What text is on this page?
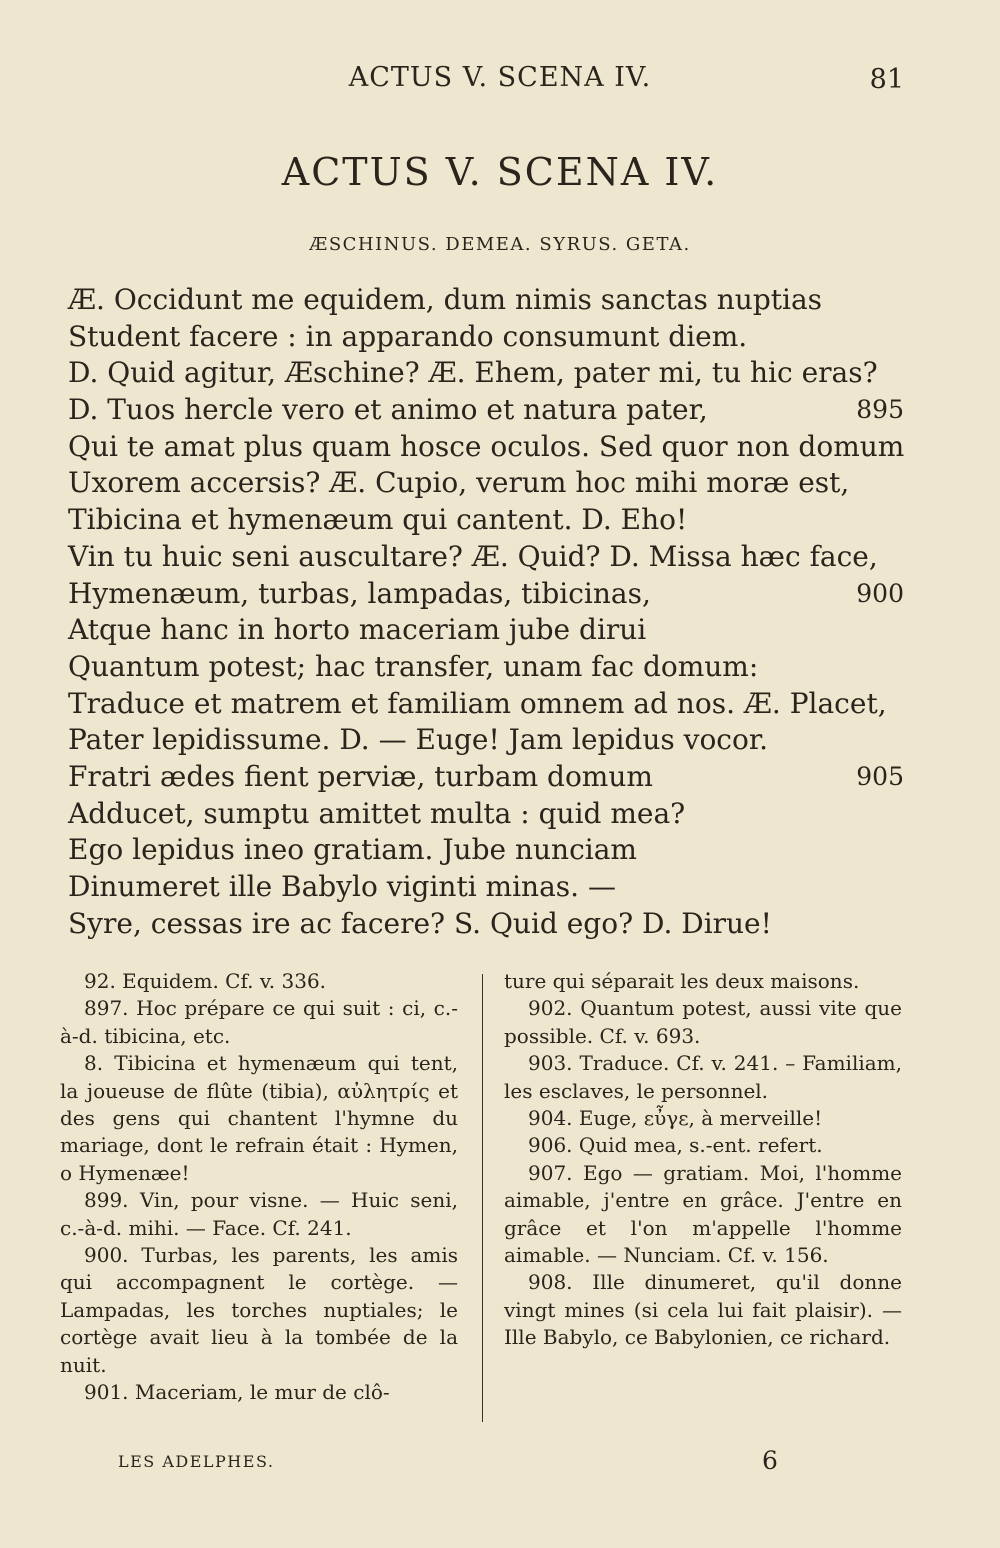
ACTUS V. SCENA IV.	81
ACTUS V. SCENA IV.
ÆSCHINUS. DEMEA. SYRUS. GETA.
Æ. Occidunt me equidem, dum nimis sanctas nuptias
Student facere : in apparando consumunt diem.
D. Quid agitur, Æschine? Æ. Ehem, pater mi, tu hic eras?
D. Tuos hercle vero et animo et natura pater,	895
Qui te amat plus quam hosce oculos. Sed quor non domum
Uxorem accersis? Æ. Cupio, verum hoc mihi moræ est,
Tibicina et hymenæum qui cantent. D. Eho!
Vin tu huic seni auscultare? Æ. Quid? D. Missa hæc face,
Hymenæum, turbas, lampadas, tibicinas,	900
Atque hanc in horto maceriam jube dirui
Quantum potest; hac transfer, unam fac domum:
Traduce et matrem et familiam omnem ad nos. Æ. Placet,
Pater lepidissume. D. — Euge! Jam lepidus vocor.
Fratri ædes fient perviæ, turbam domum	905
Adducet, sumptu amittet multa : quid mea?
Ego lepidus ineo gratiam. Jube nunciam
Dinumeret ille Babylo viginti minas. —
Syre, cessas ire ac facere? S. Quid ego? D. Dirue!

92. Equidem. Cf. v. 336.

897. Hoc prépare ce qui suit : ci, c.-à-d. tibicina, etc.

8. Tibicina et hymenæum qui tent, la joueuse de flûte (tibia), αὐλητρίς et des gens qui chantent l'hymne du mariage, dont le refrain était : Hymen, o Hymenæe!

899. Vin, pour visne. — Huic seni, c.-à-d. mihi. — Face. Cf. 241.

900. Turbas, les parents, les amis qui accompagnent le cortège. — Lampadas, les torches nuptiales; le cortège avait lieu à la tombée de la nuit.

901. Maceriam, le mur de clô-

ture qui séparait les deux maisons.

902. Quantum potest, aussi vite que possible. Cf. v. 693.

903. Traduce. Cf. v. 241. – Familiam, les esclaves, le personnel.

904. Euge, εὖγε, à merveille!

906. Quid mea, s.-ent. refert.

907. Ego — gratiam. Moi, l'homme aimable, j'entre en grâce. J'entre en grâce et l'on m'appelle l'homme aimable. — Nunciam. Cf. v. 156.

908. Ille dinumeret, qu'il donne vingt mines (si cela lui fait plaisir). — Ille Babylo, ce Babylonien, ce richard.

LES ADELPHES.	6
